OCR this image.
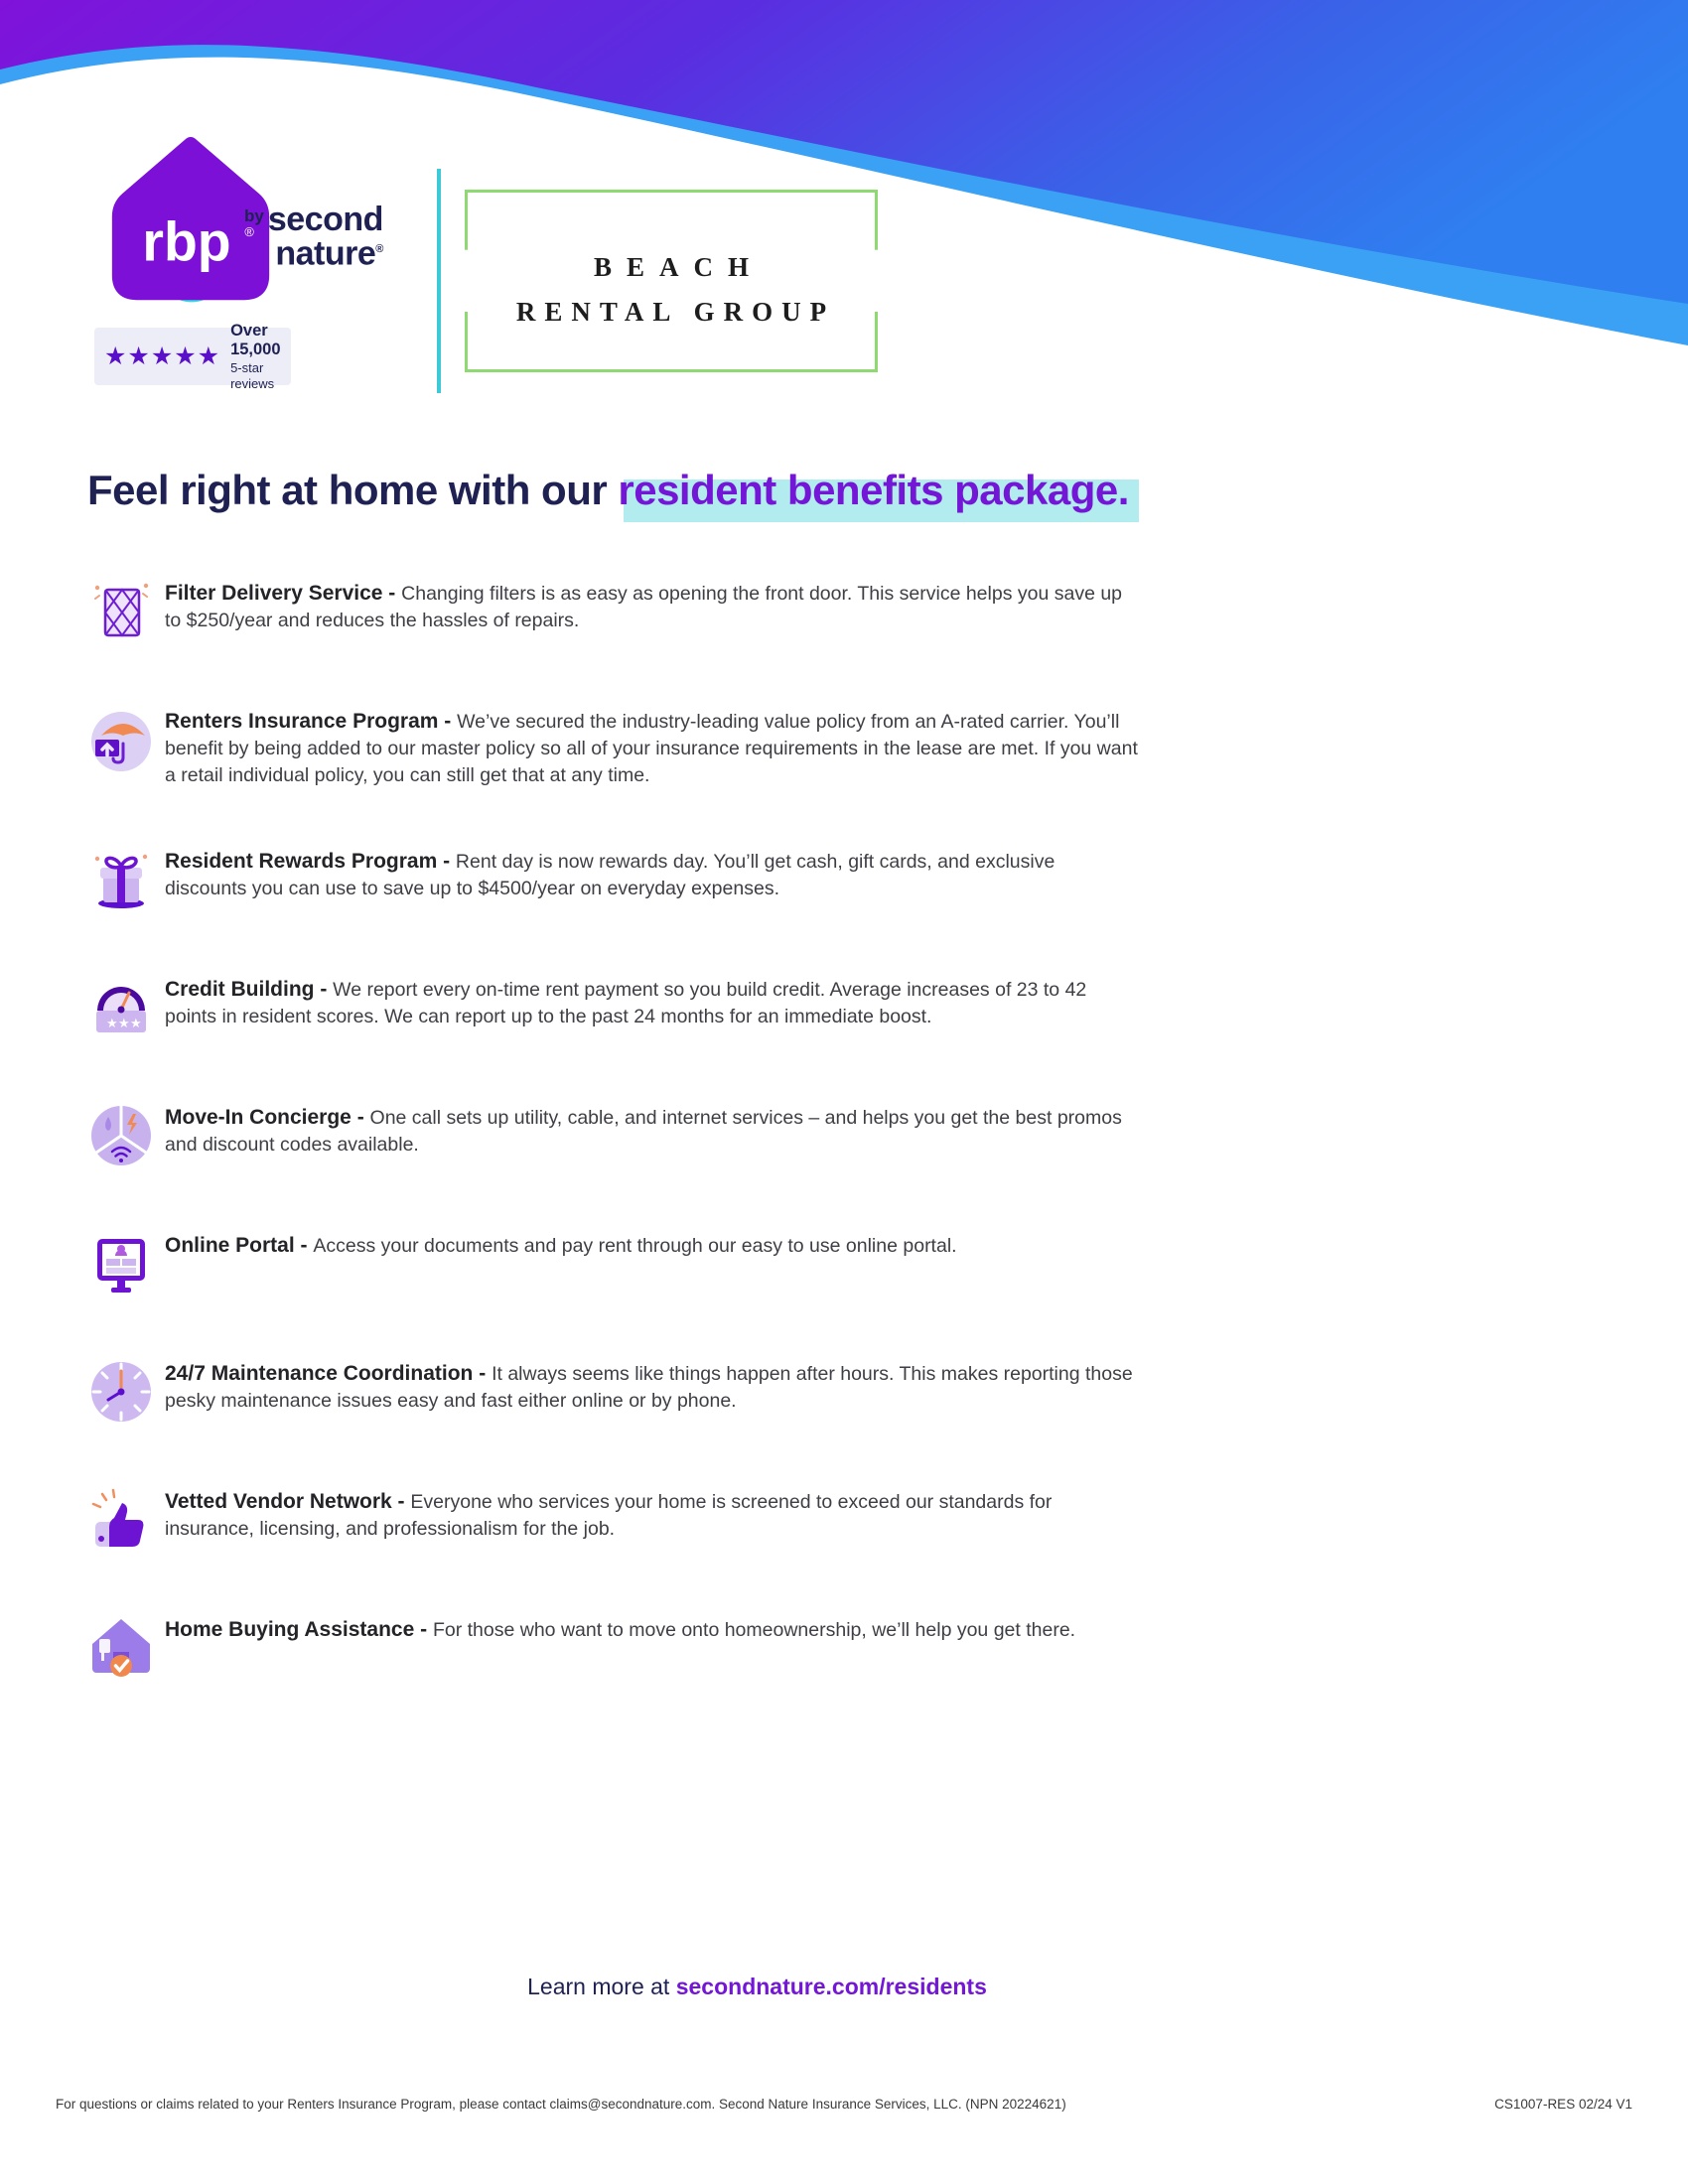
rbp ®
by second
nature®
★★★★★
Over 15,000
5-star reviews
BEACH
RENTAL GROUP
Feel right at home with our
resident benefits package.

Filter Delivery Service - Changing filters is as easy as opening the front door. This service helps you save up to $250/year and reduces the hassles of repairs.

Renters Insurance Program - We’ve secured the industry-leading value policy from an A-rated carrier. You’ll benefit by being added to our master policy so all of your insurance requirements in the lease are met. If you want a retail individual policy, you can still get that at any time.

Resident Rewards Program - Rent day is now rewards day. You’ll get cash, gift cards, and exclusive discounts you can use to save up to $4500/year on everyday expenses.

★ ★ ★

Credit Building - We report every on-time rent payment so you build credit. Average increases of 23 to 42 points in resident scores. We can report up to the past 24 months for an immediate boost.

Move-In Concierge - One call sets up utility, cable, and internet services – and helps you get the best promos and discount codes available.

Online Portal - Access your documents and pay rent through our easy to use online portal.

24/7 Maintenance Coordination - It always seems like things happen after hours. This makes reporting those pesky maintenance issues easy and fast either online or by phone.

Vetted Vendor Network - Everyone who services your home is screened to exceed our standards for insurance, licensing, and professionalism for the job.

Home Buying Assistance - For those who want to move onto homeownership, we’ll help you get there.

Learn more at secondnature.com/residents
For questions or claims related to your Renters Insurance Program, please contact claims@secondnature.com. Second Nature Insurance Services, LLC. (NPN 20224621)	CS1007-RES 02/24 V1
